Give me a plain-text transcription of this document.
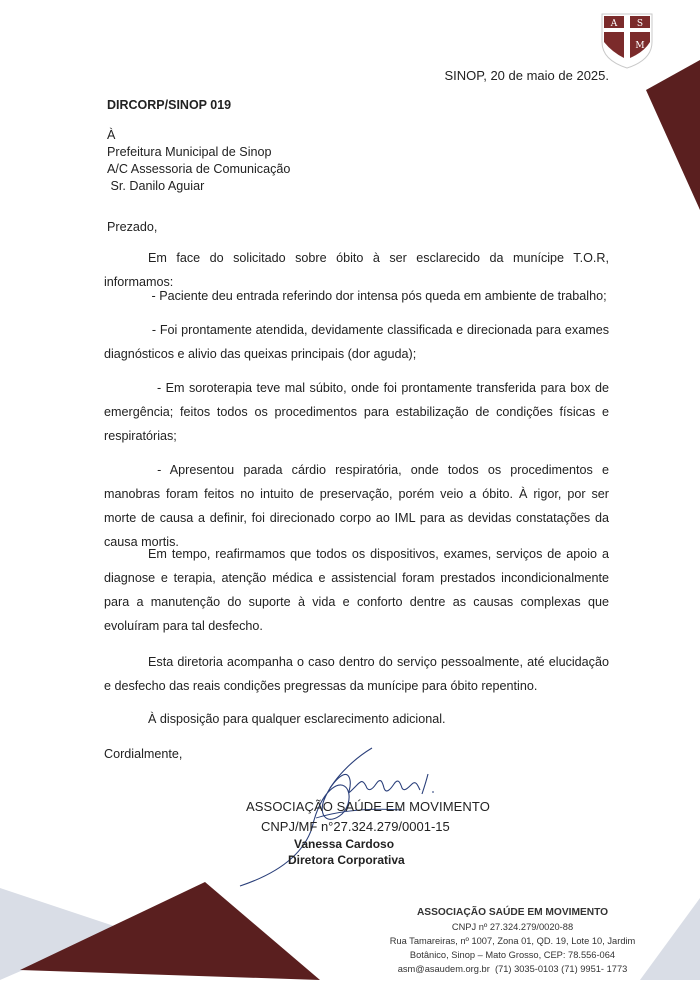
A S
M
SINOP, 20 de maio de 2025.
DIRCORP/SINOP 019
À
Prefeitura Municipal de Sinop
A/C Assessoria de Comunicação
Sr. Danilo Aguiar
Prezado,
Em face do solicitado sobre óbito à ser esclarecido da munícipe T.O.R, informamos:
- Paciente deu entrada referindo dor intensa pós queda em ambiente de trabalho;
- Foi prontamente atendida, devidamente classificada e direcionada para exames diagnósticos e alivio das queixas principais (dor aguda);
- Em soroterapia teve mal súbito, onde foi prontamente transferida para box de emergência; feitos todos os procedimentos para estabilização de condições físicas e respiratórias;
- Apresentou parada cárdio respiratória, onde todos os procedimentos e manobras foram feitos no intuito de preservação, porém veio a óbito. À rigor, por ser morte de causa a definir, foi direcionado corpo ao IML para as devidas constatações da causa mortis.
Em tempo, reafirmamos que todos os dispositivos, exames, serviços de apoio a diagnose e terapia, atenção médica e assistencial foram prestados incondicionalmente para a manutenção do suporte à vida e conforto dentre as causas complexas que evoluíram para tal desfecho.
Esta diretoria acompanha o caso dentro do serviço pessoalmente, até elucidação e desfecho das reais condições pregressas da munícipe para óbito repentino.
À disposição para qualquer esclarecimento adicional.
Cordialmente,
ASSOCIAÇÃO SAÚDE EM MOVIMENTO
CNPJ/MF n°27.324.279/0001-15
Vanessa Cardoso
Diretora Corporativa
ASSOCIAÇÃO SAÚDE EM MOVIMENTO
CNPJ nº 27.324.279/0020-88
Rua Tamareiras, nº 1007, Zona 01, QD. 19, Lote 10, Jardim
Botânico, Sinop – Mato Grosso, CEP: 78.556-064
asm@asaudem.org.br  (71) 3035-0103 (71) 9951- 1773
